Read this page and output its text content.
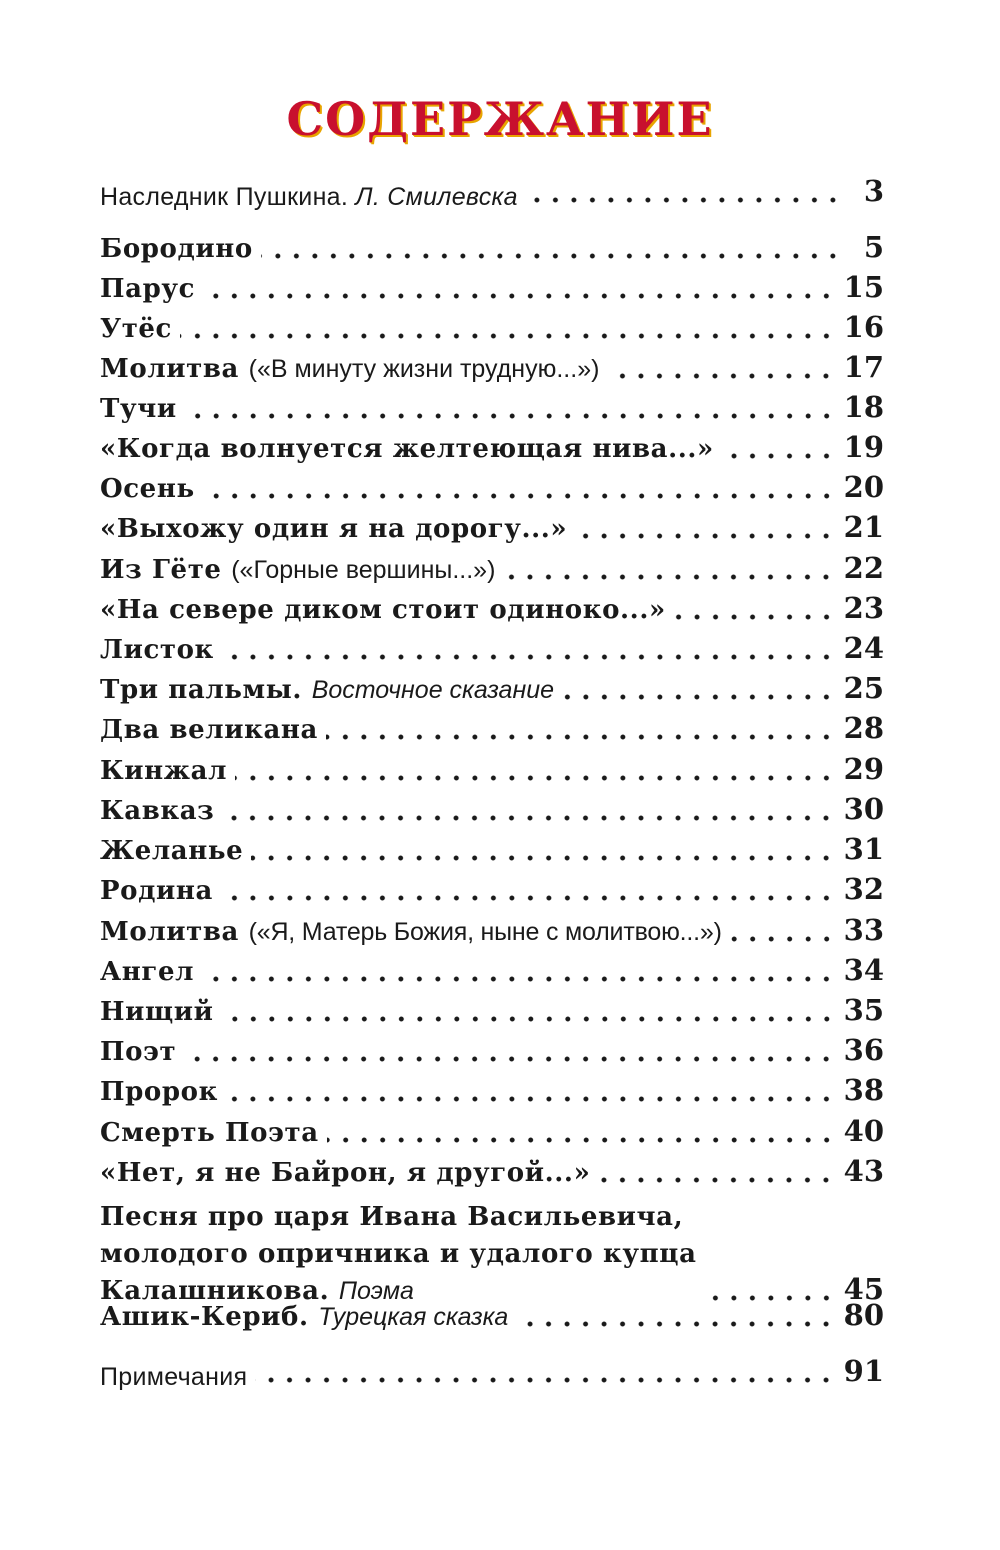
СОДЕРЖАНИЕ
Наследник Пушкина. Л. Смилевска	3
Бородино	5
Парус	15
Утёс	16
Молитва («В минуту жизни трудную...»)	17
Тучи	18
«Когда волнуется желтеющая нива...»	19
Осень	20
«Выхожу один я на дорогу...»	21
Из Гёте («Горные вершины...»)	22
«На севере диком стоит одиноко...»	23
Листок	24
Три пальмы. Восточное сказание	25
Два великана	28
Кинжал	29
Кавказ	30
Желанье	31
Родина	32
Молитва («Я, Матерь Божия, ныне с молитвою...»)	33
Ангел	34
Нищий	35
Поэт	36
Пророк	38
Смерть Поэта	40
«Нет, я не Байрон, я другой...»	43
Песня про царя Ивана Васильевича, молодого опричника и удалого купца Калашникова. Поэма	45
Ашик-Кериб. Турецкая сказка	80
Примечания	91
